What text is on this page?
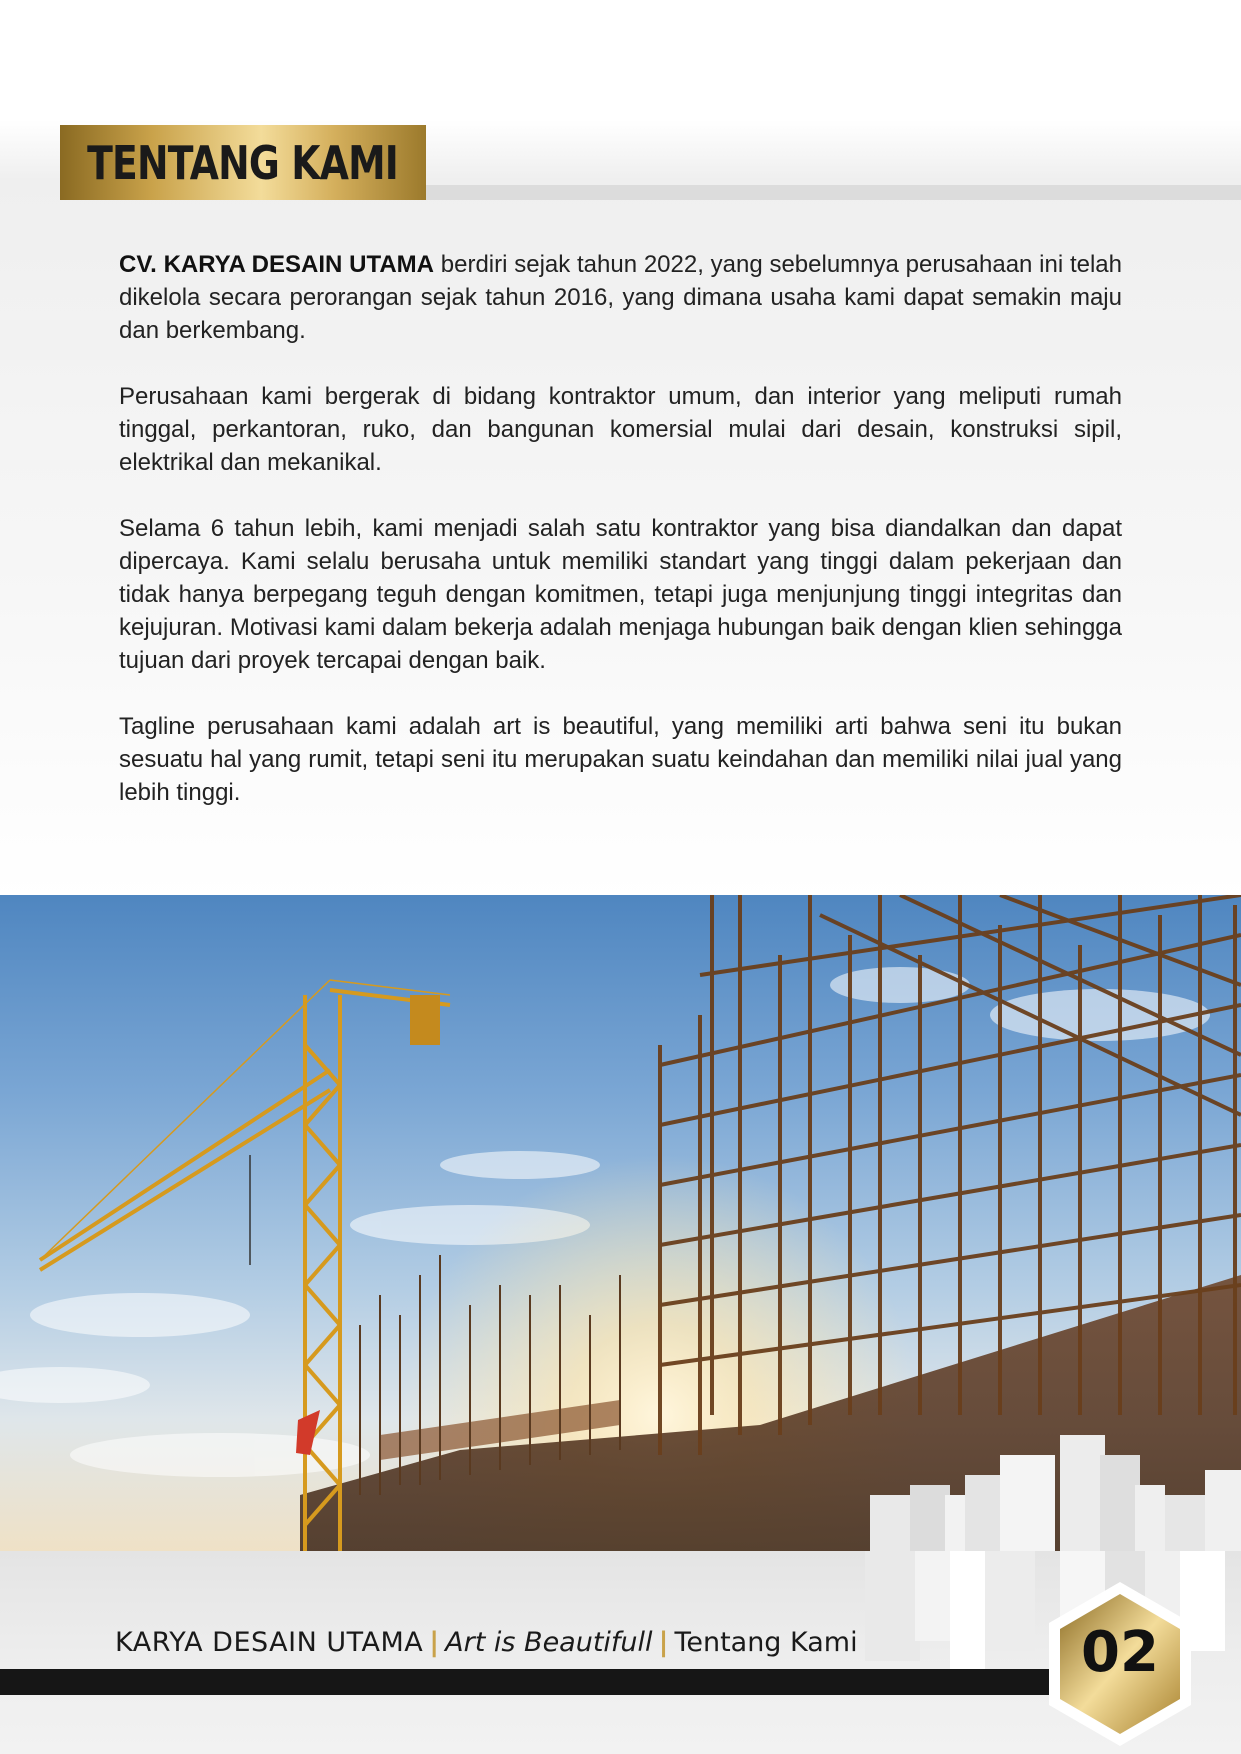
TENTANG KAMI

CV. KARYA DESAIN UTAMA berdiri sejak tahun 2022, yang sebelumnya perusahaan ini telah dikelola secara perorangan sejak tahun 2016, yang dimana usaha kami dapat semakin maju dan berkembang.

Perusahaan kami bergerak di bidang kontraktor umum, dan interior yang meliputi rumah tinggal, perkantoran, ruko, dan bangunan komersial mulai dari desain, konstruksi sipil, elektrikal dan mekanikal.

Selama 6 tahun lebih, kami menjadi salah satu kontraktor yang bisa diandalkan dan dapat dipercaya. Kami selalu berusaha untuk memiliki standart yang tinggi dalam pekerjaan dan tidak hanya berpegang teguh dengan komitmen, tetapi juga menjunjung tinggi integritas dan kejujuran. Motivasi kami dalam bekerja adalah menjaga hubungan baik dengan klien sehingga tujuan dari proyek tercapai dengan baik.

Tagline perusahaan kami adalah art is beautiful, yang memiliki arti bahwa seni itu bukan sesuatu hal yang rumit, tetapi seni itu merupakan suatu keindahan dan memiliki nilai jual yang lebih tinggi.

KARYA DESAIN UTAMA | Art is Beautifull | Tentang Kami	02
